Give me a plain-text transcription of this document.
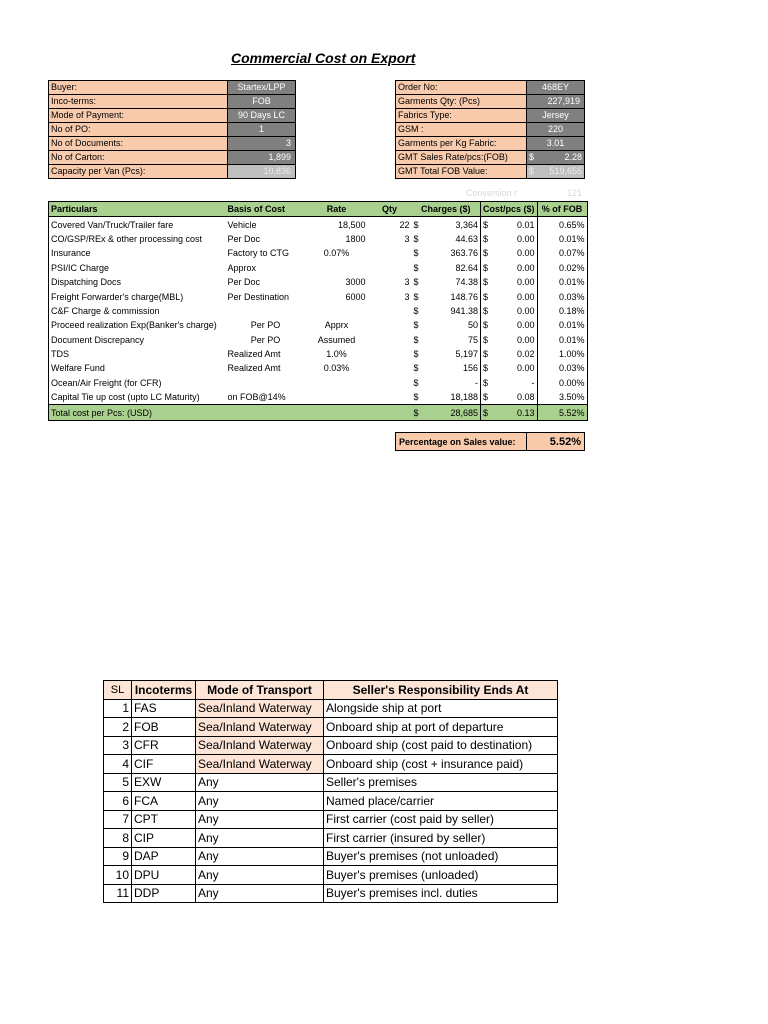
Commercial Cost on Export
Buyer:	Startex/LPP
Inco-terms:	FOB
Mode of Payment:	90 Days LC
No of PO:	1
No of Documents:	3
No of Carton:	1,899
Capacity per Van (Pcs):	10,836
Order No:	468EY
Garments Qty: (Pcs)	227,919
Fabrics Type:	Jersey
GSM :	220
Garments per Kg Fabric:	3.01
GMT Sales Rate/pcs:(FOB)	$ 2.28
GMT Total FOB Value:	$ 519,655
Conversion r	121
Particulars	Basis of Cost	Rate	Qty	Charges ($)		Cost/pcs ($)		% of FOB
Covered Van/Truck/Trailer fare	Vehicle	18,500	22	$	3,364	$	0.01	0.65%
CO/GSP/REx & other processing cost	Per Doc	1800	3	$	44.63	$	0.00	0.01%
Insurance	Factory to CTG	0.07%		$	363.76	$	0.00	0.07%
PSI/IC Charge	Approx			$	82.64	$	0.00	0.02%
Dispatching Docs	Per Doc	3000	3	$	74.38	$	0.00	0.01%
Freight Forwarder's charge(MBL)	Per Destination	6000	3	$	148.76	$	0.00	0.03%
C&F Charge & commission				$	941.38	$	0.00	0.18%
Proceed realization Exp(Banker's charge)	Per PO	Apprx		$	50	$	0.00	0.01%
Document Discrepancy	Per PO	Assumed		$	75	$	0.00	0.01%
TDS	Realized Amt	1.0%		$	5,197	$	0.02	1.00%
Welfare Fund	Realized Amt	0.03%		$	156	$	0.00	0.03%
Ocean/Air Freight (for CFR)				$	-	$	-	0.00%
Capital Tie up cost (upto LC Maturity)	on FOB@14%			$	18,188	$	0.08	3.50%
Total cost per Pcs: (USD)				$	28,685	$	0.13	5.52%
Percentage on Sales value:	5.52%
SL	Incoterms	Mode of Transport	Seller's Responsibility Ends At
1	FAS	Sea/Inland Waterway	Alongside ship at port
2	FOB	Sea/Inland Waterway	Onboard ship at port of departure
3	CFR	Sea/Inland Waterway	Onboard ship (cost paid to destination)
4	CIF	Sea/Inland Waterway	Onboard ship (cost + insurance paid)
5	EXW	Any	Seller's premises
6	FCA	Any	Named place/carrier
7	CPT	Any	First carrier (cost paid by seller)
8	CIP	Any	First carrier (insured by seller)
9	DAP	Any	Buyer's premises (not unloaded)
10	DPU	Any	Buyer's premises (unloaded)
11	DDP	Any	Buyer's premises incl. duties
